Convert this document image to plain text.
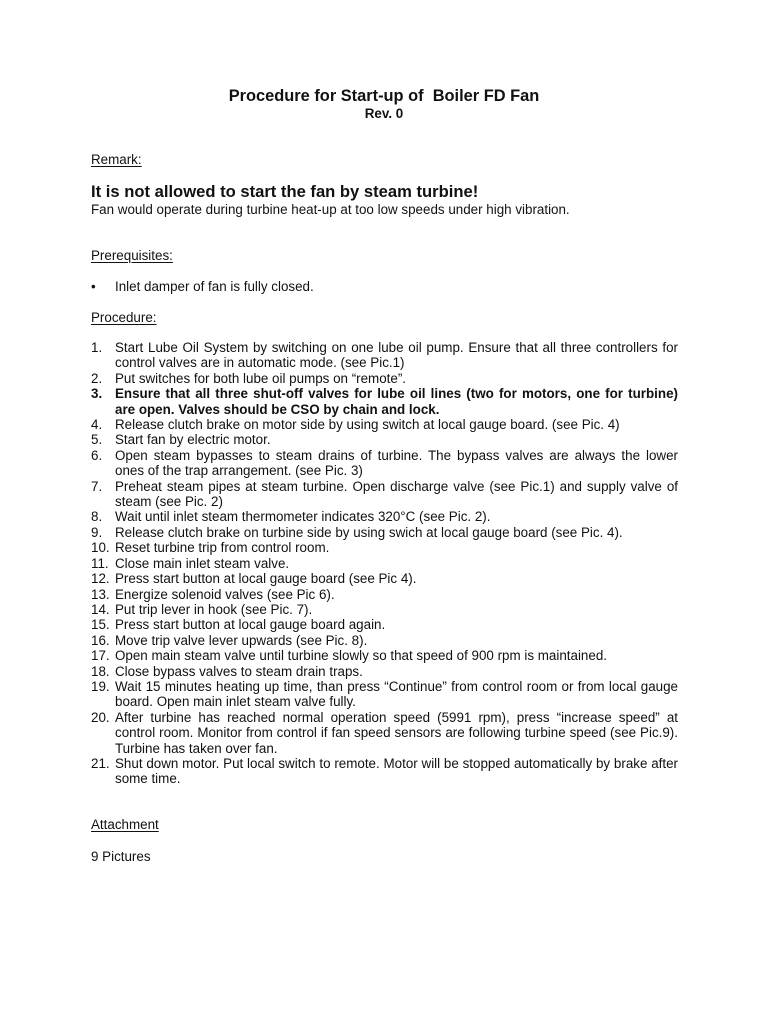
Procedure for Start-up of  Boiler FD Fan
Rev. 0
Remark:
It is not allowed to start the fan by steam turbine!
Fan would operate during turbine heat-up at too low speeds under high vibration.
Prerequisites:
• Inlet damper of fan is fully closed.
Procedure:
1. Start Lube Oil System by switching on one lube oil pump. Ensure that all three controllers for control valves are in automatic mode. (see Pic.1)
2. Put switches for both lube oil pumps on “remote”.
3. Ensure that all three shut-off valves for lube oil lines (two for motors, one for turbine) are open. Valves should be CSO by chain and lock.
4. Release clutch brake on motor side by using switch at local gauge board. (see Pic. 4)
5. Start fan by electric motor.
6. Open steam bypasses to steam drains of turbine. The bypass valves are always the lower ones of the trap arrangement. (see Pic. 3)
7. Preheat steam pipes at steam turbine. Open discharge valve (see Pic.1) and supply valve of steam (see Pic. 2)
8. Wait until inlet steam thermometer indicates 320°C (see Pic. 2).
9. Release clutch brake on turbine side by using swich at local gauge board (see Pic. 4).
10. Reset turbine trip from control room.
11. Close main inlet steam valve.
12. Press start button at local gauge board (see Pic 4).
13. Energize solenoid valves (see Pic 6).
14. Put trip lever in hook (see Pic. 7).
15. Press start button at local gauge board again.
16. Move trip valve lever upwards (see Pic. 8).
17. Open main steam valve until turbine slowly so that speed of 900 rpm is maintained.
18. Close bypass valves to steam drain traps.
19. Wait 15 minutes heating up time, than press “Continue” from control room or from local gauge board. Open main inlet steam valve fully.
20. After turbine has reached normal operation speed (5991 rpm), press “increase speed” at control room. Monitor from control if fan speed sensors are following turbine speed (see Pic.9). Turbine has taken over fan.
21. Shut down motor. Put local switch to remote. Motor will be stopped automatically by brake after some time.
Attachment
9 Pictures
